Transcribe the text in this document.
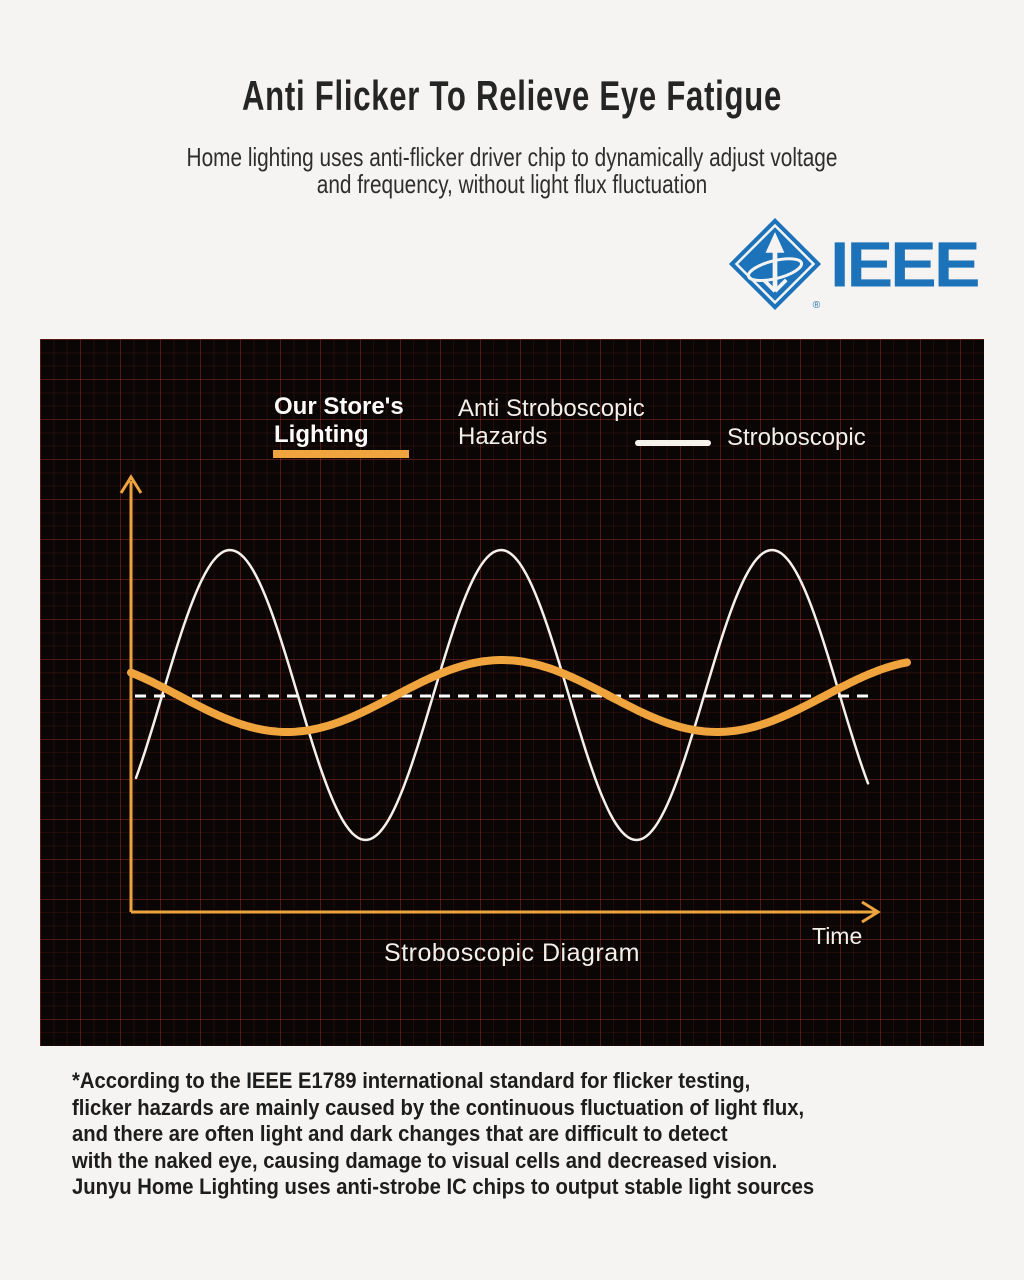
Anti Flicker To Relieve Eye Fatigue
Home lighting uses anti-flicker driver chip to dynamically adjust voltage
and frequency, without light flux fluctuation
®
IEEE
Our Store's
Lighting
Anti Stroboscopic
Hazards	Stroboscopic
Stroboscopic Diagram
Time
*According to the IEEE E1789 international standard for flicker testing,
flicker hazards are mainly caused by the continuous fluctuation of light flux,
and there are often light and dark changes that are difficult to detect
with the naked eye, causing damage to visual cells and decreased vision.
Junyu Home Lighting uses anti-strobe IC chips to output stable light sources
